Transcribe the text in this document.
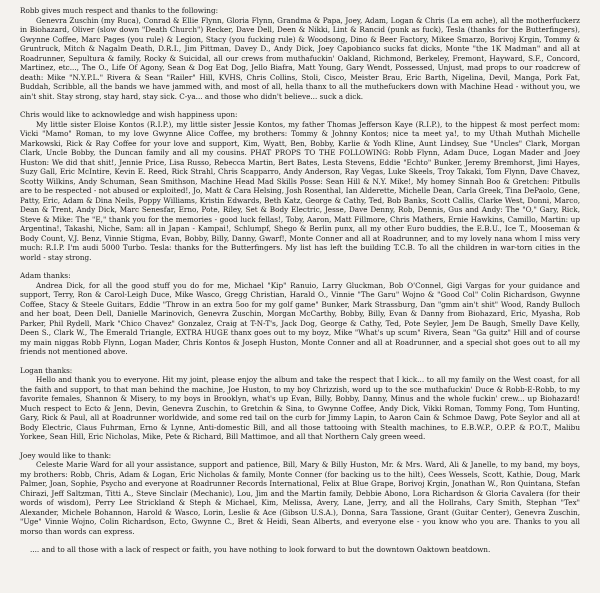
Robb gives much respect and thanks to the following:
Genevra Zuschin (my Ruca), Conrad & Ellie Flynn, Gloria Flynn, Grandma & Papa, Joey, Adam, Logan & Chris (La em ache), all the motherfuckerz in Biohazard, Oliver (slow down "Death Church") Recker, Dave Dell, Deen & Nikki, Lint & Rancid (punk as fuck), Tesla (thanks for the Butterfingers), Gwynne Coffee, Marc Pages (you rule) & Legion, Stacy (you fucking rule) & Woodsong, Dino & Beer Factory, Mikee Smarzo, Borivoj Krgin, Tommy & Gruntruck, Mitch & Nagalm Death, D.R.I., Jim Pittman, Davey D., Andy Dick, Joey Capobianco sucks fat dicks, Monte "the 1K Madman" and all at Roadrunner, Sepultura & family, Rocky & Suicidal, all our crews from muthafuckin' Oakland, Richmond, Berkeley, Fremont, Hayward, S.F., Concord, Martinez, etc..., The O., Life Of Agony, Sean & Dog Eat Dog, Jello Biafra, Matt Young, Gary Wendt, Possessed, Unjust, mad props to our roadcrew of death: Mike "N.Y.P.L." Rivera & Sean "Railer" Hill, KVHS, Chris Collins, Stoli, Cisco, Meister Brau, Eric Barth, Nigelina, Devil, Manga, Pork Fat, Buddah, Scribble, all the bands we have jammed with, and most of all, hella thanx to all the muthefuckers down with Machine Head - without you, we ain't shit. Stay strong, stay hard, stay sick. C-ya... and those who didn't believe... suck a dick.
Chris would like to acknowledge and wish happiness upon:
My little sister Eloise Kontos (R.I.P.), my little sister Jessie Kontos, my father Thomas Jefferson Kaye (R.I.P.), to the hippest & most perfect mom: Vicki "Mamo" Roman, to my love Gwynne Alice Coffee, my brothers: Tommy & Johnny Kontos; nice ta meet ya!, to my Uthah Muthah Michelle Markowski, Rick & Ray Coffee for your love and support, Kim, Wyatt, Ben, Bobby, Karlie & Yodh Kline, Aunt Lindsey, Sue "Uncles" Clark, Morgan Clark, Uncle Bobby, the Duncan family and all my cousins. PHAT PROPS TO THE FOLLOWING: Robb Flynn, Adam Duce, Logan Mader and Joey Huston: We did that shit!, Jennie Price, Lisa Russo, Rebecca Martin, Bert Bates, Lesta Stevens, Eddie "Echto" Bunker, Jeremy Bremhorst, Jimi Hayes, Suzy Gall, Eric McIntire, Kevin E. Reed, Rick Strahl, Chris Scapparro, Andy Anderson, Ray Vegas, Luke Skeels, Troy Takaki, Tom Flynn, Dave Chavez, Scotty Wilkins, Andy Schuman, Sean Smithson, Machine Head Mad Skills Posse: Sean Hill & N.Y. Mike!, My homey Sinnah Boo & Gretchen: Pitbulls are to be respected - not abused or exploited!, Jo, Matt & Cara Helsing, Josh Rosenthal, Ian Alderette, Michelle Dean, Carla Greek, Tina DePaolo, Gene, Patty, Eric, Adam & Dina Neils, Poppy Williams, Kristin Edwards, Beth Katz, George & Cathy, Ted, Bob Banks, Scott Callis, Clarke West, Donni, Marco, Dean & Trent, Andy Dick, Marc Senesfar, Erno, Pote, Riley, Set & Body Electric, Jesse, Dave Denny, Rob, Dennis, Gus and Andy: The "O," Gary, Rick, Steve & Mike: The "E," thank you for the memories - good luck fellas!, Toby, Aaron, Matt Fillmore, Chris Mathers, Ernie Hawkins, Camillo, Martin: up Argentina!, Takashi, Niche, Sam: all in Japan - Kampai!, Schlumpf, Shego & Berlin punx, all my other Euro buddies, the E.B.U., Ice T., Mooseman & Body Count, V.J. Benz, Vinnie Stigma, Evan, Bobby, Billy, Danny, Gwarf!, Monte Conner and all at Roadrunner, and to my lovely nana whom I miss very much: R.I.P. I'm audi 5000 Turbo. Tesla: thanks for the Butterfingers. My list has left the building T.C.B. To all the children in war-torn cities in the world - stay strong.
Adam thanks:
Andrea Dick, for all the good stuff you do for me, Michael "Kip" Ranuio, Larry Gluckman, Bob O'Connel, Gigi Vargas for your guidance and support, Terry, Ron & Carol-Leigh Duce, Mike Wasco, Gregg Christian, Harald O., Vinnie "The Garu" Wojno & "Good Col" Colin Richardson, Gwynne Coffee, Stacy & Steele Guitars, Eddie "Throw in an extra 5oo for my golf game" Bunker, Mark Strassburg, Dan "gmm ain't shit" Wood, Randy Bulloch and her boat, Deen Dell, Danielle Marinovich, Genevra Zuschin, Morgan McCarthy, Bobby, Billy, Evan & Danny from Biohazard, Eric, Myasha, Rob Parker, Phil Rydell, Mark "Chico Chavez" Gonzalez, Craig at T-N-T's, Jack Dog, George & Cathy, Ted, Pote Seyler, Jem De Baugh, Smelly Dave Kelly, Deen S., Clark W., The Emerald Triangle, EXTRA HUGE thanx goes out to my boyz, Mike "What's up scum" Rivera, Sean "Ga guitz" Hill and of course my main niggas Robb Flynn, Logan Mader, Chris Kontos & Joseph Huston, Monte Conner and all at Roadrunner, and a special shot goes out to all my friends not mentioned above.
Logan thanks:
Hello and thank you to everyone. Hit my joint, please enjoy the album and take the respect that I kick... to all my family on the West coast, for all the faith and support, to that man behind the machine, Joe Huston, to my boy Chrizzish, word up to the sce muthafuckin' Duce & Robb-E-Robb, to my favorite females, Shannon & Misery, to my boys in Brooklyn, what's up Evan, Billy, Bobby, Danny, Minus and the whole fuckin' crew... up Biohazard! Much respect to Ecto & Jenn, Devin, Genevra Zuschin, to Gretchin & Sina, to Gwynne Coffee, Andy Dick, Vikki Roman, Tommy Fong, Tom Hunting, Gary, Rick & Paul, all at Roadrunner worldwide, and some red tail on the curb for Jimmy Lapin, to Aaron Cain & Schmoe Dawg, Pote Seylor and all at Body Electric, Claus Fuhrman, Erno & Lynne, Anti-domestic Bill, and all those tattooing with Stealth machines, to E.B.W.P., O.P.P. & P.O.T., Malibu Yorkee, Sean Hill, Eric Nicholas, Mike, Pete & Richard, Bill Mattimoe, and all that Northern Caly green weed.
Joey would like to thank:
Celeste Marie Ward for all your assistance, support and patience, Bill, Mary & Billy Huston, Mr. & Mrs. Ward, Ali & Janelle, to my band, my boys, my brothers: Robb, Chris, Adam & Logan, Eric Nicholas & family, Monte Conner (for backing us to the hilt), Cees Wessels, Scott, Kathie, Doug, Mark Palmer, Joan, Sophie, Psycho and everyone at Roadrunner Records International, Felix at Blue Grape, Borivoj Krgin, Jonathan W., Ron Quintana, Stefan Chirazi, Jeff Saltzman, Titti A., Steve Sinclair (Mechanic), Lou, Jim and the Martin family, Debbie Abono, Lora Richardson & Gloria Cavalera (for their words of wisdom), Perry Lee Strickland & Steph & Michael, Kim, Melissa, Avery, Lane, Jerry, and all the Hollrahs, Cary Smith, Stephan "Tex" Alexander, Michele Bohannon, Harold & Wasco, Lorin, Leslie & Ace (Gibson U.S.A.), Donna, Sara Tassione, Grant (Guitar Center), Genevra Zuschin, "Uge" Vinnie Wojno, Colin Richardson, Ecto, Gwynne C., Bret & Heidi, Sean Alberts, and everyone else - you know who you are. Thanks to you all morso than words can express.
.... and to all those with a lack of respect or faith, you have nothing to look forward to but the downtown Oaktown beatdown.
